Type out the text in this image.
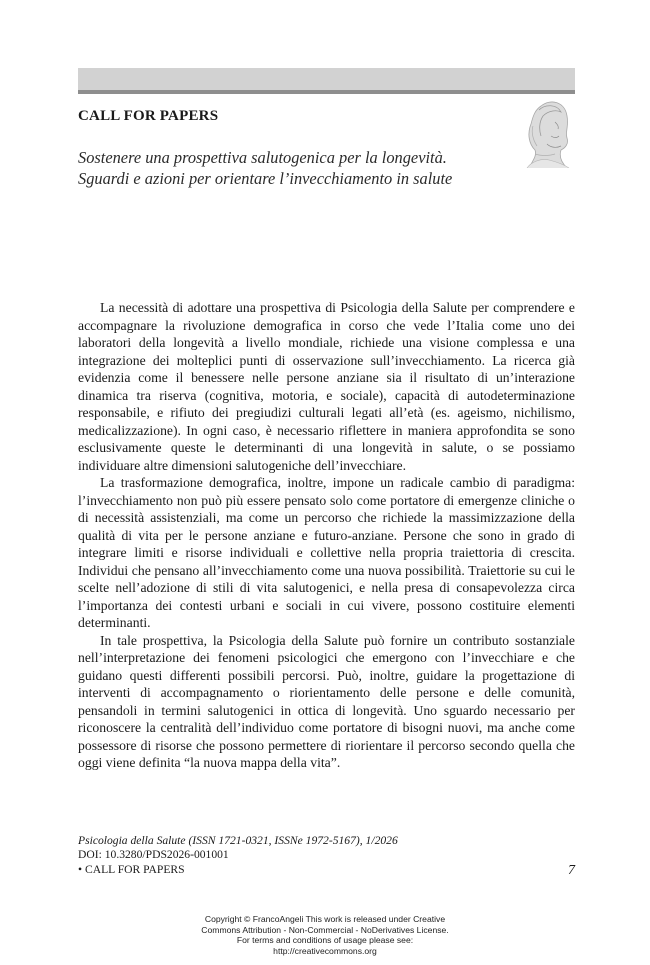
CALL FOR PAPERS
Sostenere una prospettiva salutogenica per la longevità.
Sguardi e azioni per orientare l’invecchiamento in salute

La necessità di adottare una prospettiva di Psicologia della Salute per comprendere e accompagnare la rivoluzione demografica in corso che vede l’Italia come uno dei laboratori della longevità a livello mondiale, richiede una visione complessa e una integrazione dei molteplici punti di osservazione sull’invecchiamento. La ricerca già evidenzia come il benessere nelle persone anziane sia il risultato di un’interazione dinamica tra riserva (cognitiva, motoria, e sociale), capacità di autodeterminazione responsabile, e rifiuto dei pregiudizi culturali legati all’età (es. ageismo, nichilismo, medicalizzazione). In ogni caso, è necessario riflettere in maniera approfondita se sono esclusivamente queste le determinanti di una longevità in salute, o se possiamo individuare altre dimensioni salutogeniche dell’invecchiare.

La trasformazione demografica, inoltre, impone un radicale cambio di paradigma: l’invecchiamento non può più essere pensato solo come portatore di emergenze cliniche o di necessità assistenziali, ma come un percorso che richiede la massimizzazione della qualità di vita per le persone anziane e futuro-anziane. Persone che sono in grado di integrare limiti e risorse individuali e collettive nella propria traiettoria di crescita. Individui che pensano all’invecchiamento come una nuova possibilità. Traiettorie su cui le scelte nell’adozione di stili di vita salutogenici, e nella presa di consapevolezza circa l’importanza dei contesti urbani e sociali in cui vivere, possono costituire elementi determinanti.

In tale prospettiva, la Psicologia della Salute può fornire un contributo sostanziale nell’interpretazione dei fenomeni psicologici che emergono con l’invecchiare e che guidano questi differenti possibili percorsi. Può, inoltre, guidare la progettazione di interventi di accompagnamento o riorientamento delle persone e delle comunità, pensandoli in termini salutogenici in ottica di longevità. Uno sguardo necessario per riconoscere la centralità dell’individuo come portatore di bisogni nuovi, ma anche come possessore di risorse che possono permettere di riorientare il percorso secondo quella che oggi viene definita “la nuova mappa della vita”.

Psicologia della Salute (ISSN 1721-0321, ISSNe 1972-5167), 1/2026
DOI: 10.3280/PDS2026-001001
• CALL FOR PAPERS	7
Copyright © FrancoAngeli This work is released under Creative
Commons Attribution - Non-Commercial - NoDerivatives License.
For terms and conditions of usage please see:
http://creativecommons.org
